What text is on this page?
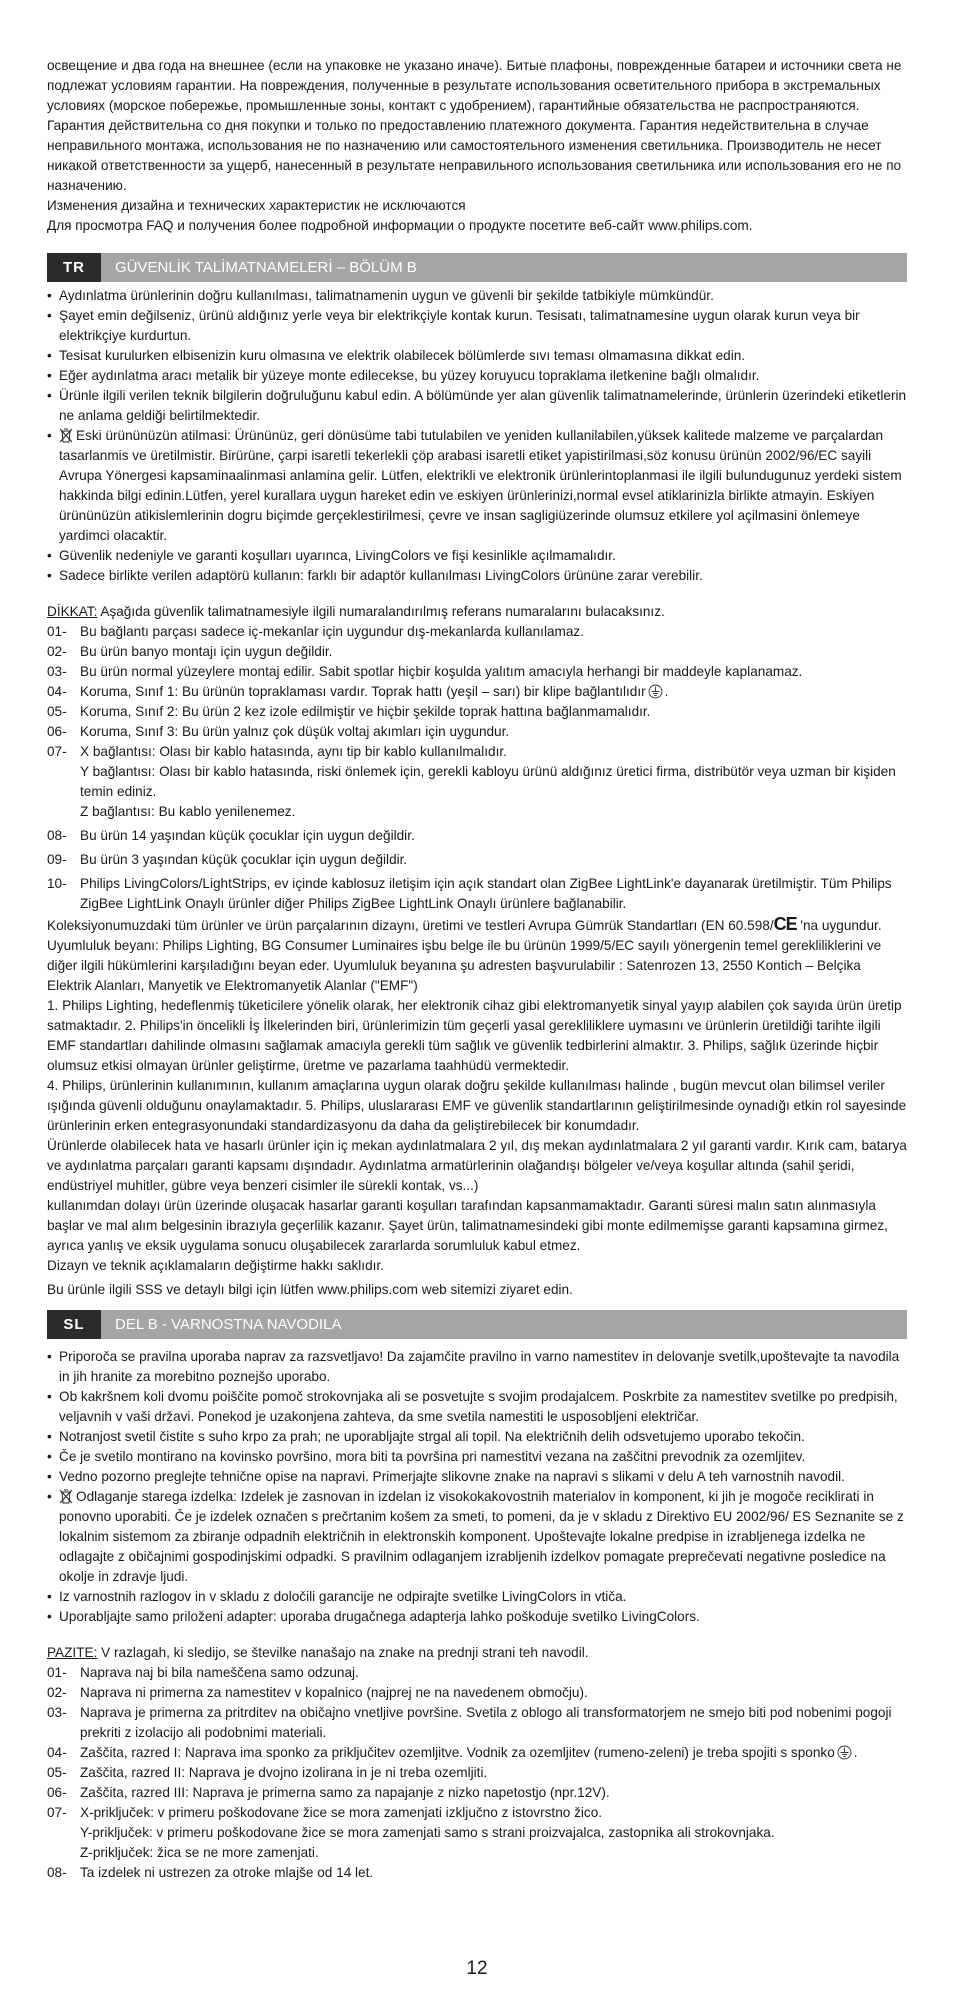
освещение и два года на внешнее (если на упаковке не указано иначе). Битые плафоны, поврежденные батареи и источники света не подлежат условиям гарантии. На повреждения, полученные в результате использования осветительного прибора в экстремальных условиях (морское побережье, промышленные зоны, контакт с удобрением), гарантийные обязательства не распространяются. Гарантия действительна со дня покупки и только по предоставлению платежного документа. Гарантия недействительна в случае неправильного монтажа, использования не по назначению или самостоятельного изменения светильника. Производитель не несет никакой ответственности за ущерб, нанесенный в результате неправильного использования светильника или использования его не по назначению.

Изменения дизайна и технических характеристик не исключаются

Для просмотра FAQ и получения более подробной информации о продукте посетите веб-сайт www.philips.com.

TR	GÜVENLİK TALİMATNAMELERİ – BÖLÜM B
• Aydınlatma ürünlerinin doğru kullanılması, talimatnamenin uygun ve güvenli bir şekilde tatbikiyle mümkündür.
• Şayet emin değilseniz, ürünü aldığınız yerle veya bir elektrikçiyle kontak kurun. Tesisatı, talimatnamesine uygun olarak kurun veya bir elektrikçiye kurdurtun.
• Tesisat kurulurken elbisenizin kuru olmasına ve elektrik olabilecek bölümlerde sıvı teması olmamasına dikkat edin.
• Eğer aydınlatma aracı metalik bir yüzeye monte edilecekse, bu yüzey koruyucu topraklama iletkenine bağlı olmalıdır.
• Ürünle ilgili verilen teknik bilgilerin doğruluğunu kabul edin. A bölümünde yer alan güvenlik talimatnamelerinde, ürünlerin üzerindeki etiketlerin ne anlama geldiği belirtilmektedir.
• Eski ürününüzün atilmasi: Ürününüz, geri dönüsüme tabi tutulabilen ve yeniden kullanilabilen,yüksek kalitede malzeme ve parçalardan tasarlanmis ve üretilmistir. Birürüne, çarpi isaretli tekerlekli çöp arabasi isaretli etiket yapistirilmasi,söz konusu ürünün 2002/96/EC sayili Avrupa Yönergesi kapsaminaalinmasi anlamina gelir. Lütfen, elektrikli ve elektronik ürünlerintoplanmasi ile ilgili bulundugunuz yerdeki sistem hakkinda bilgi edinin.Lütfen, yerel kurallara uygun hareket edin ve eskiyen ürünlerinizi,normal evsel atiklarinizla birlikte atmayin. Eskiyen ürününüzün atikislemlerinin dogru biçimde gerçeklestirilmesi, çevre ve insan sagligiüzerinde olumsuz etkilere yol açilmasini önlemeye yardimci olacaktir.
• Güvenlik nedeniyle ve garanti koşulları uyarınca, LivingColors ve fişi kesinlikle açılmamalıdır.
• Sadece birlikte verilen adaptörü kullanın: farklı bir adaptör kullanılması LivingColors ürününe zarar verebilir.

DİKKAT: Aşağıda güvenlik talimatnamesiyle ilgili numaralandırılmış referans numaralarını bulacaksınız.

01- Bu bağlantı parçası sadece iç-mekanlar için uygundur dış-mekanlarda kullanılamaz.
02- Bu ürün banyo montajı için uygun değildir.
03- Bu ürün normal yüzeylere montaj edilir. Sabit spotlar hiçbir koşulda yalıtım amacıyla herhangi bir maddeyle kaplanamaz.
04- Koruma, Sınıf 1: Bu ürünün topraklaması vardır. Toprak hattı (yeşil – sarı) bir klipe bağlantılıdır .
05- Koruma, Sınıf 2: Bu ürün 2 kez izole edilmiştir ve hiçbir şekilde toprak hattına bağlanmamalıdır.
06- Koruma, Sınıf 3: Bu ürün yalnız çok düşük voltaj akımları için uygundur.
07- X bağlantısı: Olası bir kablo hatasında, aynı tip bir kablo kullanılmalıdır.

Y bağlantısı: Olası bir kablo hatasında, riski önlemek için, gerekli kabloyu ürünü aldığınız üretici firma, distribütör veya uzman bir kişiden temin ediniz.

Z bağlantısı: Bu kablo yenilenemez.

08- Bu ürün 14 yaşından küçük çocuklar için uygun değildir.
09- Bu ürün 3 yaşından küçük çocuklar için uygun değildir.
10- Philips LivingColors/LightStrips, ev içinde kablosuz iletişim için açık standart olan ZigBee LightLink'e dayanarak üretilmiştir. Tüm Philips ZigBee LightLink Onaylı ürünler diğer Philips ZigBee LightLink Onaylı ürünlere bağlanabilir.

Koleksiyonumuzdaki tüm ürünler ve ürün parçalarının dizaynı, üretimi ve testleri Avrupa Gümrük Standartları (EN 60.598/CE 'na uygundur. Uyumluluk beyanı: Philips Lighting, BG Consumer Luminaires işbu belge ile bu ürünün 1999/5/EC sayılı yönergenin temel gerekliliklerini ve diğer ilgili hükümlerini karşıladığını beyan eder. Uyumluluk beyanına şu adresten başvurulabilir : Satenrozen 13, 2550 Kontich – Belçika Elektrik Alanları, Manyetik ve Elektromanyetik Alanlar ("EMF")

1. Philips Lighting, hedeflenmiş tüketicilere yönelik olarak, her elektronik cihaz gibi elektromanyetik sinyal yayıp alabilen çok sayıda ürün üretip satmaktadır. 2. Philips'in öncelikli İş İlkelerinden biri, ürünlerimizin tüm geçerli yasal gerekliliklere uymasını ve ürünlerin üretildiği tarihte ilgili EMF standartları dahilinde olmasını sağlamak amacıyla gerekli tüm sağlık ve güvenlik tedbirlerini almaktır. 3. Philips, sağlık üzerinde hiçbir olumsuz etkisi olmayan ürünler geliştirme, üretme ve pazarlama taahhüdü vermektedir.

4. Philips, ürünlerinin kullanımının, kullanım amaçlarına uygun olarak doğru şekilde kullanılması halinde , bugün mevcut olan bilimsel veriler ışığında güvenli olduğunu onaylamaktadır. 5. Philips, uluslararası EMF ve güvenlik standartlarının geliştirilmesinde oynadığı etkin rol sayesinde ürünlerinin erken entegrasyonundaki standardizasyonu da daha da geliştirebilecek bir konumdadır.

Ürünlerde olabilecek hata ve hasarlı ürünler için iç mekan aydınlatmalara 2 yıl, dış mekan aydınlatmalara 2 yıl garanti vardır. Kırık cam, batarya ve aydınlatma parçaları garanti kapsamı dışındadır. Aydınlatma armatürlerinin olağandışı bölgeler ve/veya koşullar altında (sahil şeridi, endüstriyel muhitler, gübre veya benzeri cisimler ile sürekli kontak, vs...)

kullanımdan dolayı ürün üzerinde oluşacak hasarlar garanti koşulları tarafından kapsanmamaktadır. Garanti süresi malın satın alınmasıyla başlar ve mal alım belgesinin ibrazıyla geçerlilik kazanır. Şayet ürün, talimatnamesindeki gibi monte edilmemişse garanti kapsamına girmez, ayrıca yanlış ve eksik uygulama sonucu oluşabilecek zararlarda sorumluluk kabul etmez.

Dizayn ve teknik açıklamaların değiştirme hakkı saklıdır.

Bu ürünle ilgili SSS ve detaylı bilgi için lütfen www.philips.com web sitemizi ziyaret edin.

SL	DEL B - VARNOSTNA NAVODILA
• Priporoča se pravilna uporaba naprav za razsvetljavo! Da zajamčite pravilno in varno namestitev in delovanje svetilk,upoštevajte ta navodila in jih hranite za morebitno poznejšo uporabo.
• Ob kakršnem koli dvomu poiščite pomoč strokovnjaka ali se posvetujte s svojim prodajalcem. Poskrbite za namestitev svetilke po predpisih, veljavnih v vaši državi. Ponekod je uzakonjena zahteva, da sme svetila namestiti le usposobljeni električar.
• Notranjost svetil čistite s suho krpo za prah; ne uporabljajte strgal ali topil. Na električnih delih odsvetujemo uporabo tekočin.
• Če je svetilo montirano na kovinsko površino, mora biti ta površina pri namestitvi vezana na zaščitni prevodnik za ozemljitev.
• Vedno pozorno preglejte tehnične opise na napravi. Primerjajte slikovne znake na napravi s slikami v delu A teh varnostnih navodil.
• Odlaganje starega izdelka: Izdelek je zasnovan in izdelan iz visokokakovostnih materialov in komponent, ki jih je mogoče reciklirati in ponovno uporabiti. Če je izdelek označen s prečrtanim košem za smeti, to pomeni, da je v skladu z Direktivo EU 2002/96/ ES Seznanite se z lokalnim sistemom za zbiranje odpadnih električnih in elektronskih komponent. Upoštevajte lokalne predpise in izrabljenega izdelka ne odlagajte z običajnimi gospodinjskimi odpadki. S pravilnim odlaganjem izrabljenih izdelkov pomagate preprečevati negativne posledice na okolje in zdravje ljudi.
• Iz varnostnih razlogov in v skladu z določili garancije ne odpirajte svetilke LivingColors in vtiča.
• Uporabljajte samo priloženi adapter: uporaba drugačnega adapterja lahko poškoduje svetilko LivingColors.

PAZITE: V razlagah, ki sledijo, se številke nanašajo na znake na prednji strani teh navodil.

01- Naprava naj bi bila nameščena samo odzunaj.
02- Naprava ni primerna za namestitev v kopalnico (najprej ne na navedenem območju).
03- Naprava je primerna za pritrditev na običajno vnetljive površine. Svetila z oblogo ali transformatorjem ne smejo biti pod nobenimi pogoji prekriti z izolacijo ali podobnimi materiali.
04- Zaščita, razred I: Naprava ima sponko za priključitev ozemljitve. Vodnik za ozemljitev (rumeno-zeleni) je treba spojiti s sponko .
05- Zaščita, razred II: Naprava je dvojno izolirana in je ni treba ozemljiti.
06- Zaščita, razred III: Naprava je primerna samo za napajanje z nizko napetostjo (npr.12V).
07- X-priključek: v primeru poškodovane žice se mora zamenjati izključno z istovrstno žico.

Y-priključek: v primeru poškodovane žice se mora zamenjati samo s strani proizvajalca, zastopnika ali strokovnjaka.

Z-priključek: žica se ne more zamenjati.

08- Ta izdelek ni ustrezen za otroke mlajše od 14 let.
12
